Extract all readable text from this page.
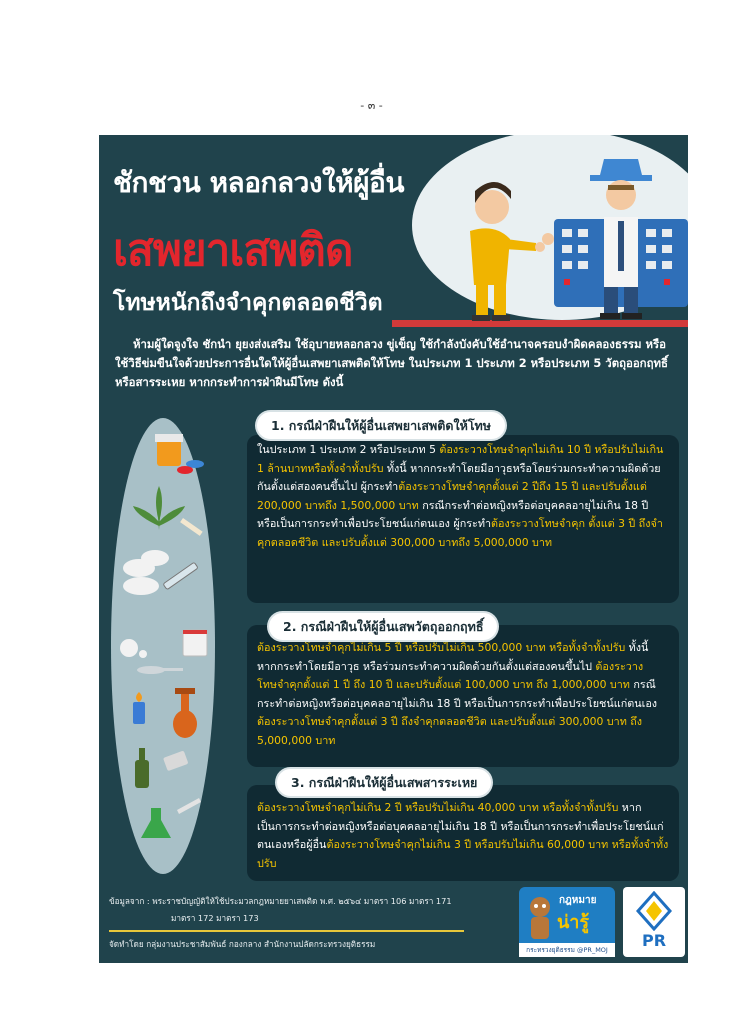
- ๓ -
ชักชวน หลอกลวงให้ผู้อื่น
เสพยาเสพติด
โทษหนักถึงจำคุกตลอดชีวิต
ห้ามผู้ใดจูงใจ ชักนำ ยุยงส่งเสริม ใช้อุบายหลอกลวง ขู่เข็ญ ใช้กำลังบังคับใช้อำนาจครอบงำผิดคลองธรรม หรือใช้วิธีข่มขืนใจด้วยประการอื่นใดให้ผู้อื่นเสพยาเสพติดให้โทษ ในประเภท 1 ประเภท 2 หรือประเภท 5 วัตถุออกฤทธิ์ หรือสารระเหย หากกระทำการฝ่าฝืนมีโทษ ดังนี้
ในประเภท 1 ประเภท 2 หรือประเภท 5 ต้องระวางโทษจำคุกไม่เกิน 10 ปี หรือปรับไม่เกิน 1 ล้านบาทหรือทั้งจำทั้งปรับ ทั้งนี้ หากกระทำโดยมีอาวุธหรือโดยร่วมกระทำความผิดด้วยกันตั้งแต่สองคนขึ้นไป ผู้กระทำต้องระวางโทษจำคุกตั้งแต่ 2 ปีถึง 15 ปี และปรับตั้งแต่ 200,000 บาทถึง 1,500,000 บาท กรณีกระทำต่อหญิงหรือต่อบุคคลอายุไม่เกิน 18 ปี หรือเป็นการกระทำเพื่อประโยชน์แก่ตนเอง ผู้กระทำต้องระวางโทษจำคุก ตั้งแต่ 3 ปี ถึงจำคุกตลอดชีวิต และปรับตั้งแต่ 300,000 บาทถึง 5,000,000 บาท
1. กรณีฝ่าฝืนให้ผู้อื่นเสพยาเสพติดให้โทษ
ต้องระวางโทษจำคุกไม่เกิน 5 ปี หรือปรับไม่เกิน 500,000 บาท หรือทั้งจำทั้งปรับ ทั้งนี้ หากกระทำโดยมีอาวุธ หรือร่วมกระทำความผิดด้วยกันตั้งแต่สองคนขึ้นไป ต้องระวางโทษจำคุกตั้งแต่ 1 ปี ถึง 10 ปี และปรับตั้งแต่ 100,000 บาท ถึง 1,000,000 บาท กรณีกระทำต่อหญิงหรือต่อบุคคลอายุไม่เกิน 18 ปี หรือเป็นการกระทำเพื่อประโยชน์แก่ตนเอง ต้องระวางโทษจำคุกตั้งแต่ 3 ปี ถึงจำคุกตลอดชีวิต และปรับตั้งแต่ 300,000 บาท ถึง 5,000,000 บาท
2. กรณีฝ่าฝืนให้ผู้อื่นเสพวัตถุออกฤทธิ์
ต้องระวางโทษจำคุกไม่เกิน 2 ปี หรือปรับไม่เกิน 40,000 บาท หรือทั้งจำทั้งปรับ หากเป็นการกระทำต่อหญิงหรือต่อบุคคลอายุไม่เกิน 18 ปี หรือเป็นการกระทำเพื่อประโยชน์แก่ตนเองหรือผู้อื่นต้องระวางโทษจำคุกไม่เกิน 3 ปี หรือปรับไม่เกิน 60,000 บาท หรือทั้งจำทั้งปรับ
3. กรณีฝ่าฝืนให้ผู้อื่นเสพสารระเหย
ข้อมูลจาก : พระราชบัญญัติให้ใช้ประมวลกฎหมายยาเสพติด พ.ศ. ๒๕๖๔ มาตรา 106 มาตรา 171
มาตรา 172 มาตรา 173
จัดทำโดย กลุ่มงานประชาสัมพันธ์ กองกลาง สำนักงานปลัดกระทรวงยุติธรรม
กฎหมาย
น่ารู้
กระทรวงยุติธรรม @PR_MOJ	PR
